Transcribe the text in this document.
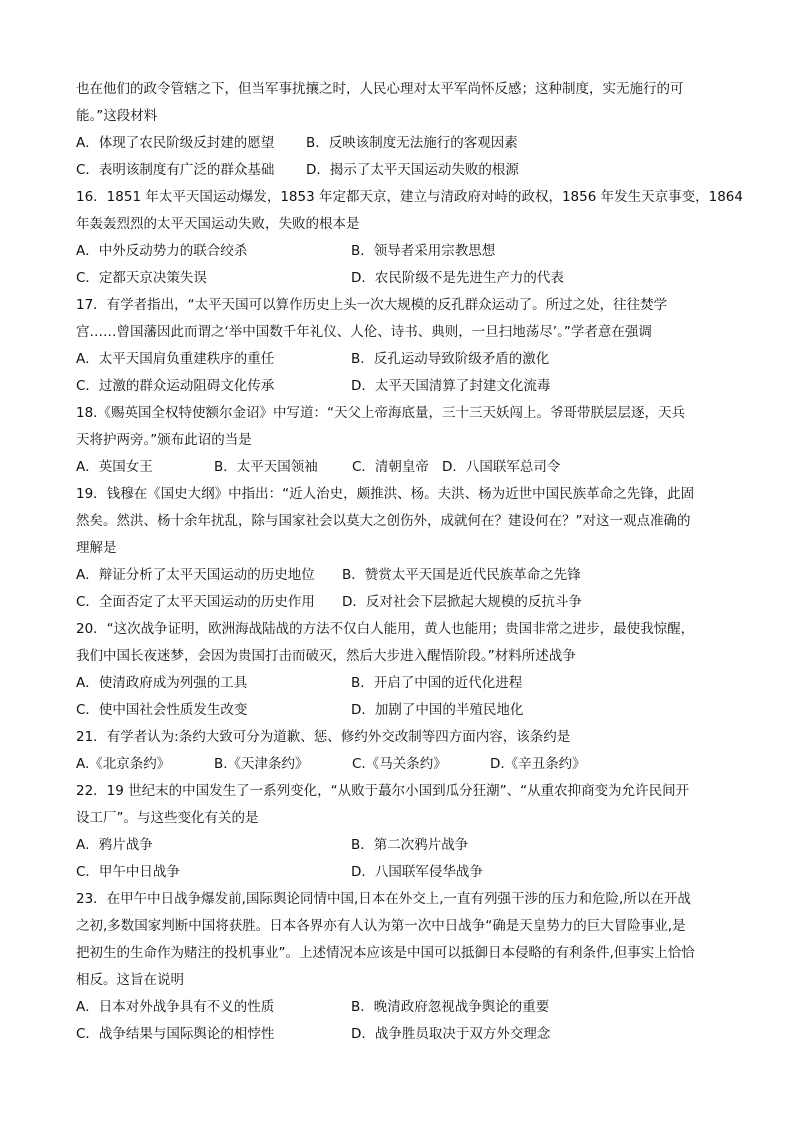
也在他们的政令管辖之下，但当军事扰攘之时，人民心理对太平军尚怀反感；这种制度，实无施行的可
能。”这段材料
A．体现了农民阶级反封建的愿望 B．反映该制度无法施行的客观因素
C．表明该制度有广泛的群众基础 D．揭示了太平天国运动失败的根源
16．1851 年太平天国运动爆发，1853 年定都天京，建立与清政府对峙的政权，1856 年发生天京事变，1864
年轰轰烈烈的太平天国运动失败，失败的根本是
A．中外反动势力的联合绞杀	B．领导者采用宗教思想
C．定都天京决策失误	D．农民阶级不是先进生产力的代表
17．有学者指出，“太平天国可以算作历史上头一次大规模的反孔群众运动了。所过之处，往往焚学
宫……曾国藩因此而谓之‘举中国数千年礼仪、人伦、诗书、典则，一旦扫地荡尽’。”学者意在强调
A．太平天国肩负重建秩序的重任	B．反孔运动导致阶级矛盾的激化
C．过激的群众运动阻碍文化传承	D．太平天国清算了封建文化流毒
18.《赐英国全权特使额尔金诏》中写道：“天父上帝海底量，三十三天妖闯上。爷哥带朕层层逐，天兵
天将护两旁。”颁布此诏的当是
A．英国女王	B．太平天国领袖	C．清朝皇帝 D．八国联军总司令
19．钱穆在《国史大纲》中指出：“近人治史，颇推洪、杨。夫洪、杨为近世中国民族革命之先锋，此固
然矣。然洪、杨十余年扰乱，除与国家社会以莫大之创伤外，成就何在？建设何在？”对这一观点准确的
理解是
A．辩证分析了太平天国运动的历史地位 B．赞赏太平天国是近代民族革命之先锋
C．全面否定了太平天国运动的历史作用 D．反对社会下层掀起大规模的反抗斗争
20．“这次战争证明，欧洲海战陆战的方法不仅白人能用，黄人也能用；贵国非常之进步，最使我惊醒，
我们中国长夜迷梦，会因为贵国打击而破灭，然后大步进入醒悟阶段。”材料所述战争
A．使清政府成为列强的工具	B．开启了中国的近代化进程
C．使中国社会性质发生改变	D．加剧了中国的半殖民地化
21．有学者认为:条约大致可分为道歉、惩、修约外交改制等四方面内容，该条约是
A.《北京条约》	B.《天津条约》	C.《马关条约》	D.《辛丑条约》
22．19 世纪末的中国发生了一系列变化，“从败于蕞尔小国到瓜分狂潮”、“从重农抑商变为允许民间开
设工厂”。与这些变化有关的是
A．鸦片战争	B．第二次鸦片战争
C．甲午中日战争	D．八国联军侵华战争
23．在甲午中日战争爆发前,国际舆论同情中国,日本在外交上,一直有列强干涉的压力和危险,所以在开战
之初,多数国家判断中国将获胜。日本各界亦有人认为第一次中日战争“确是天皇势力的巨大冒险事业,是
把初生的生命作为赌注的投机事业”。上述情况本应该是中国可以抵御日本侵略的有利条件,但事实上恰恰
相反。这旨在说明
A．日本对外战争具有不义的性质	B．晚清政府忽视战争舆论的重要
C．战争结果与国际舆论的相悖性	D．战争胜员取决于双方外交理念
